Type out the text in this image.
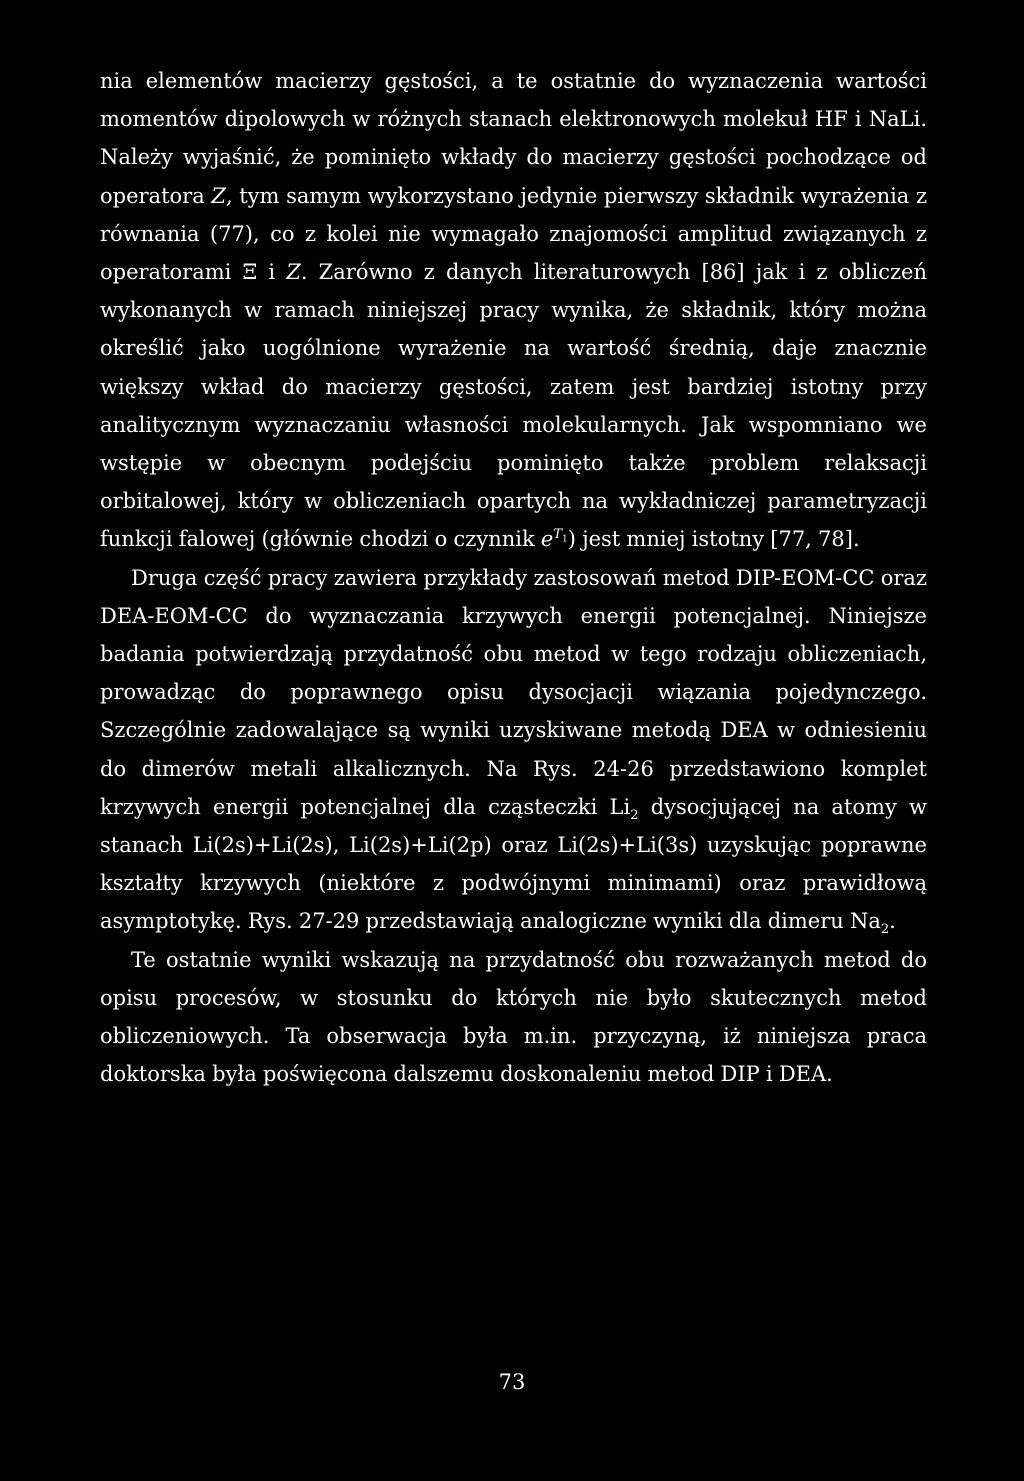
nia elementów macierzy gęstości, a te ostatnie do wyznaczenia wartości momentów dipolowych w różnych stanach elektronowych molekuł HF i NaLi. Należy wyjaśnić, że pominięto wkłady do macierzy gęstości pochodzące od operatora Z, tym samym wykorzystano jedynie pierwszy składnik wyrażenia z równania (77), co z kolei nie wymagało znajomości amplitud związanych z operatorami Ξ i Z. Zarówno z danych literaturowych [86] jak i z obliczeń wykonanych w ramach niniejszej pracy wynika, że składnik, który można określić jako uogólnione wyrażenie na wartość średnią, daje znacznie większy wkład do macierzy gęstości, zatem jest bardziej istotny przy analitycznym wyznaczaniu własności molekularnych. Jak wspomniano we wstępie w obecnym podejściu pominięto także problem relaksacji orbitalowej, który w obliczeniach opartych na wykładniczej parametryzacji funkcji falowej (głównie chodzi o czynnik $e^{T_1}$) jest mniej istotny [77, 78].

Druga część pracy zawiera przykłady zastosowań metod DIP-EOM-CC oraz DEA-EOM-CC do wyznaczania krzywych energii potencjalnej. Niniejsze badania potwierdzają przydatność obu metod w tego rodzaju obliczeniach, prowadząc do poprawnego opisu dysocjacji wiązania pojedynczego. Szczególnie zadowalające są wyniki uzyskiwane metodą DEA w odniesieniu do dimerów metali alkalicznych. Na Rys. 24-26 przedstawiono komplet krzywych energii potencjalnej dla cząsteczki $Li_2$ dysocjującej na atomy w stanach Li(2s)+Li(2s), Li(2s)+Li(2p) oraz Li(2s)+Li(3s) uzyskując poprawne kształty krzywych (niektóre z podwójnymi minimami) oraz prawidłową asymptotykę. Rys. 27-29 przedstawiają analogiczne wyniki dla dimeru $Na_2$.

Te ostatnie wyniki wskazują na przydatność obu rozważanych metod do opisu procesów, w stosunku do których nie było skutecznych metod obliczeniowych. Ta obserwacja była m.in. przyczyną, iż niniejsza praca doktorska była poświęcona dalszemu doskonaleniu metod DIP i DEA.

73
